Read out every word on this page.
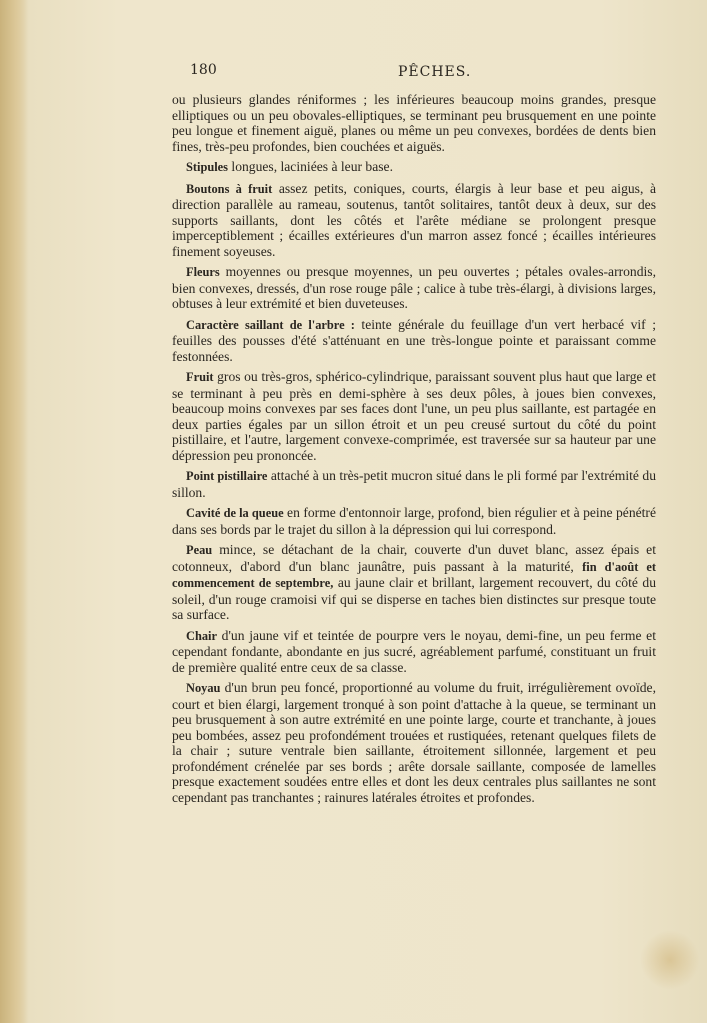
180	PÊCHES.

ou plusieurs glandes réniformes ; les inférieures beaucoup moins grandes, presque elliptiques ou un peu obovales-elliptiques, se terminant peu brusquement en une pointe peu longue et finement aiguë, planes ou même un peu convexes, bordées de dents bien fines, très-peu profondes, bien couchées et aiguës.

Stipules longues, laciniées à leur base.

Boutons à fruit assez petits, coniques, courts, élargis à leur base et peu aigus, à direction parallèle au rameau, soutenus, tantôt solitaires, tantôt deux à deux, sur des supports saillants, dont les côtés et l'arête médiane se prolongent presque imperceptiblement ; écailles extérieures d'un marron assez foncé ; écailles intérieures finement soyeuses.

Fleurs moyennes ou presque moyennes, un peu ouvertes ; pétales ovales-arrondis, bien convexes, dressés, d'un rose rouge pâle ; calice à tube très-élargi, à divisions larges, obtuses à leur extrémité et bien duveteuses.

Caractère saillant de l'arbre : teinte générale du feuillage d'un vert herbacé vif ; feuilles des pousses d'été s'atténuant en une très-longue pointe et paraissant comme festonnées.

Fruit gros ou très-gros, sphérico-cylindrique, paraissant souvent plus haut que large et se terminant à peu près en demi-sphère à ses deux pôles, à joues bien convexes, beaucoup moins convexes par ses faces dont l'une, un peu plus saillante, est partagée en deux parties égales par un sillon étroit et un peu creusé surtout du côté du point pistillaire, et l'autre, largement convexe-comprimée, est traversée sur sa hauteur par une dépression peu prononcée.

Point pistillaire attaché à un très-petit mucron situé dans le pli formé par l'extrémité du sillon.

Cavité de la queue en forme d'entonnoir large, profond, bien régulier et à peine pénétré dans ses bords par le trajet du sillon à la dépression qui lui correspond.

Peau mince, se détachant de la chair, couverte d'un duvet blanc, assez épais et cotonneux, d'abord d'un blanc jaunâtre, puis passant à la maturité, fin d'août et commencement de septembre, au jaune clair et brillant, largement recouvert, du côté du soleil, d'un rouge cramoisi vif qui se disperse en taches bien distinctes sur presque toute sa surface.

Chair d'un jaune vif et teintée de pourpre vers le noyau, demi-fine, un peu ferme et cependant fondante, abondante en jus sucré, agréablement parfumé, constituant un fruit de première qualité entre ceux de sa classe.

Noyau d'un brun peu foncé, proportionné au volume du fruit, irrégulièrement ovoïde, court et bien élargi, largement tronqué à son point d'attache à la queue, se terminant un peu brusquement à son autre extrémité en une pointe large, courte et tranchante, à joues peu bombées, assez peu profondément trouées et rustiquées, retenant quelques filets de la chair ; suture ventrale bien saillante, étroitement sillonnée, largement et peu profondément crénelée par ses bords ; arête dorsale saillante, composée de lamelles presque exactement soudées entre elles et dont les deux centrales plus saillantes ne sont cependant pas tranchantes ; rainures latérales étroites et profondes.
